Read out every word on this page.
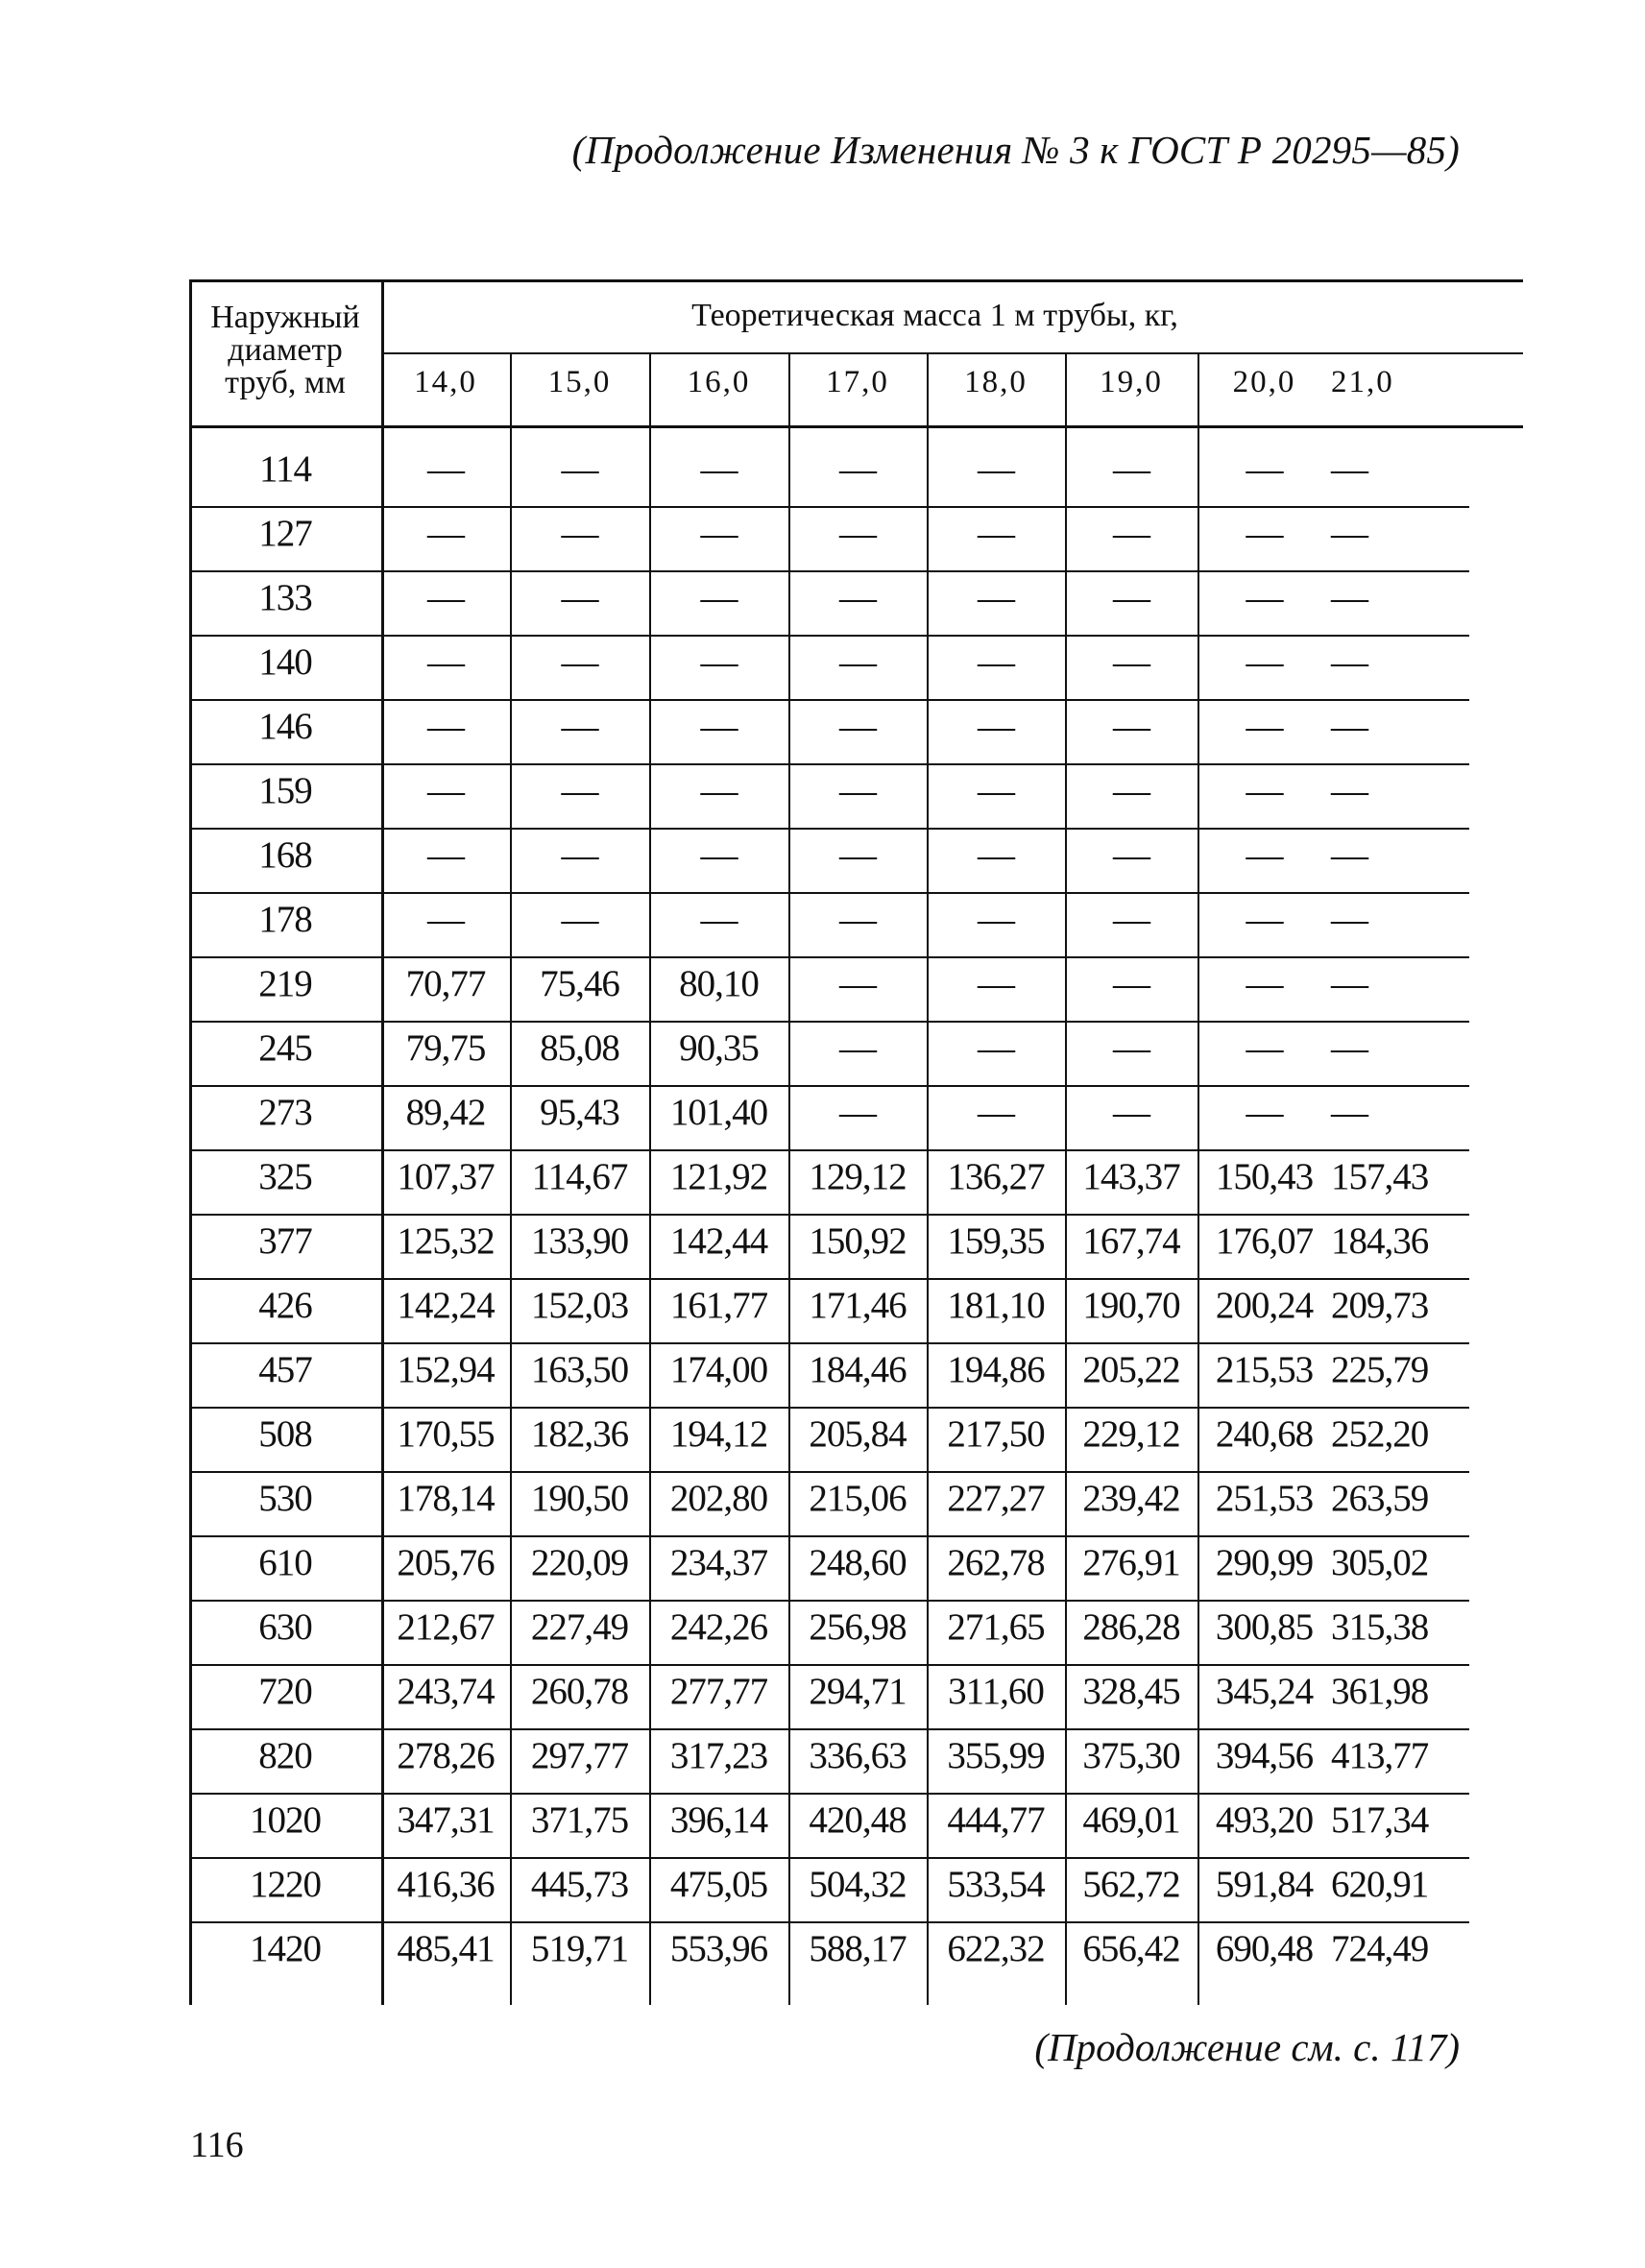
(Продолжение Изменения № 3 к ГОСТ Р 20295—85)
Наружный
диаметр
труб, мм
Теоретическая масса 1 м трубы, кг,
14,0	15,0	16,0	17,0	18,0	19,0	20,0	21,0
114	—	—	—	—	—	—	—	—
127	—	—	—	—	—	—	—	—
133	—	—	—	—	—	—	—	—
140	—	—	—	—	—	—	—	—
146	—	—	—	—	—	—	—	—
159	—	—	—	—	—	—	—	—
168	—	—	—	—	—	—	—	—
178	—	—	—	—	—	—	—	—
219	70,77	75,46	80,10	—	—	—	—	—
245	79,75	85,08	90,35	—	—	—	—	—
273	89,42	95,43	101,40	—	—	—	—	—
325	107,37 114,67	121,92	129,12	136,27	143,37 150,43 157,43
377	125,32 133,90	142,44	150,92	159,35	167,74 176,07 184,36
426	142,24 152,03	161,77	171,46	181,10	190,70 200,24 209,73
457	152,94 163,50	174,00	184,46	194,86	205,22 215,53 225,79
508	170,55 182,36	194,12	205,84	217,50	229,12 240,68 252,20
530	178,14 190,50	202,80	215,06	227,27	239,42 251,53 263,59
610	205,76 220,09	234,37	248,60	262,78	276,91 290,99 305,02
630	212,67 227,49	242,26	256,98	271,65	286,28 300,85 315,38
720	243,74 260,78	277,77	294,71	311,60	328,45 345,24 361,98
820	278,26 297,77	317,23	336,63	355,99	375,30 394,56 413,77
1020	347,31 371,75	396,14	420,48	444,77	469,01 493,20 517,34
1220	416,36 445,73	475,05	504,32	533,54	562,72 591,84 620,91
1420	485,41 519,71	553,96	588,17	622,32	656,42 690,48 724,49
(Продолжение см. с. 117)
116
